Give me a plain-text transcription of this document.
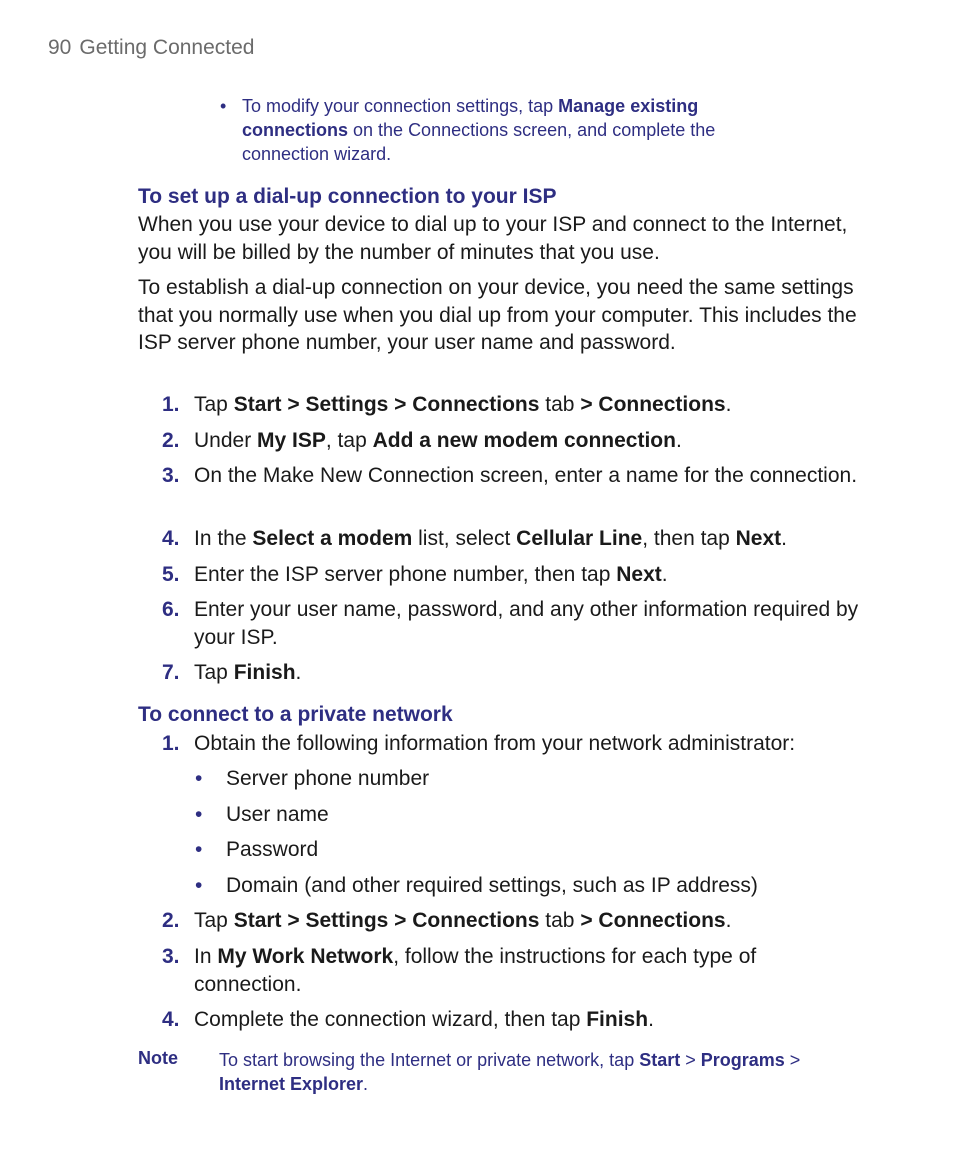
90 Getting Connected
• To modify your connection settings, tap Manage existing connections on the Connections screen, and complete the connection wizard.
To set up a dial-up connection to your ISP
When you use your device to dial up to your ISP and connect to the Internet, you will be billed by the number of minutes that you use.
To establish a dial-up connection on your device, you need the same settings that you normally use when you dial up from your computer. This includes the ISP server phone number, your user name and password.
1. Tap Start > Settings > Connections tab > Connections.
2. Under My ISP, tap Add a new modem connection.
3. On the Make New Connection screen, enter a name for the connection.
4. In the Select a modem list, select Cellular Line, then tap Next.
5. Enter the ISP server phone number, then tap Next.
6. Enter your user name, password, and any other information required by your ISP.
7. Tap Finish.
To connect to a private network
1. Obtain the following information from your network administrator:
• Server phone number
• User name
• Password
• Domain (and other required settings, such as IP address)
2. Tap Start > Settings > Connections tab > Connections.
3. In My Work Network, follow the instructions for each type of connection.
4. Complete the connection wizard, then tap Finish.
Note To start browsing the Internet or private network, tap Start > Programs > Internet Explorer.
